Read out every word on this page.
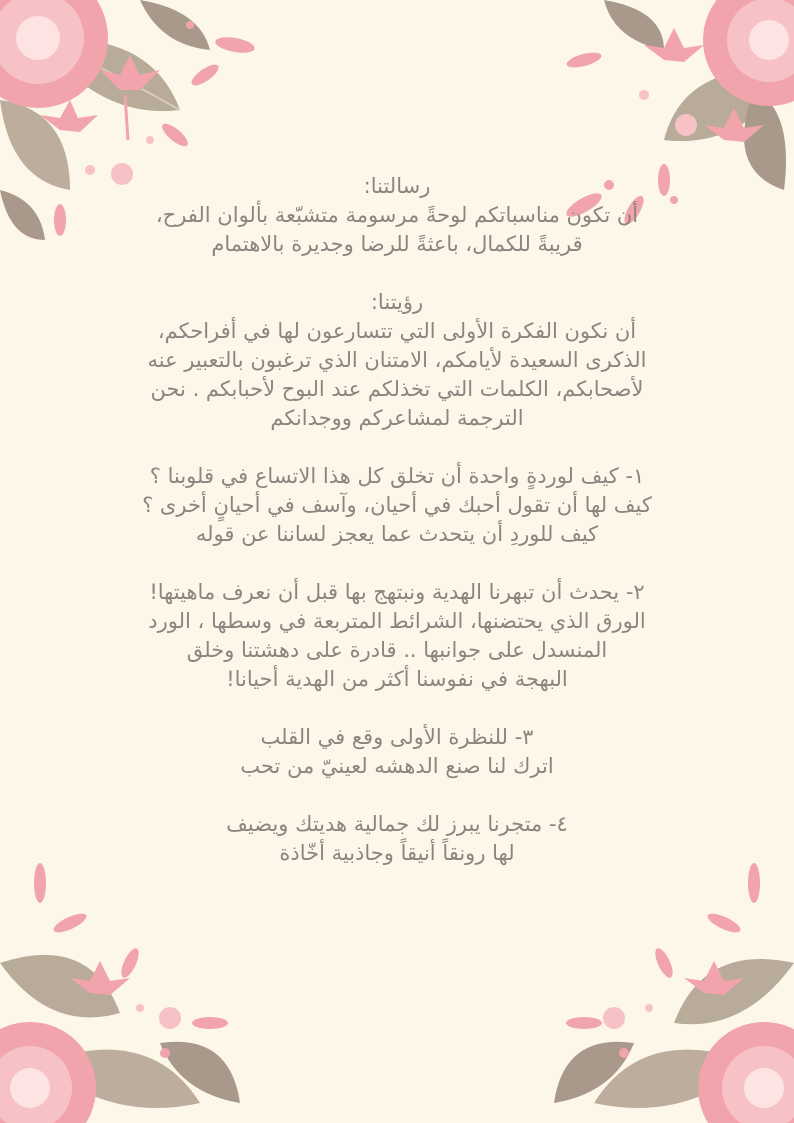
رسالتنا:
أن تكون مناسباتكم لوحةً مرسومة متشبّعة بألوان الفرح،
قريبةً للكمال، باعثةً للرضا وجديرة بالاهتمام
رؤيتنا:
أن نكون الفكرة الأولى التي تتسارعون لها في أفراحكم،
الذكرى السعيدة لأيامكم، الامتنان الذي ترغبون بالتعبير عنه
لأصحابكم، الكلمات التي تخذلكم عند البوح لأحبابكم . نحن
الترجمة لمشاعركم ووجدانكم
١- كيف لوردةٍ واحدة أن تخلق كل هذا الاتساع في قلوبنا ؟
كيف لها أن تقول أحبك في أحيان، وآسف في أحيانٍ أخرى ؟
كيف للوردِ أن يتحدث عما يعجز لساننا عن قوله
٢- يحدث أن تبهرنا الهدية ونبتهج بها قبل أن نعرف ماهيتها!
الورق الذي يحتضنها، الشرائط المتربعة في وسطها ، الورد
المنسدل على جوانبها .. قادرة على دهشتنا وخلق
البهجة في نفوسنا أكثر من الهدية أحيانا!
٣- للنظرة الأولى وقع في القلب
اترك لنا صنع الدهشه لعينيّ من تحب
٤- متجرنا يبرز لك جمالية هديتك ويضيف
لها رونقاً أنيقاً وجاذبية أخّاذة
